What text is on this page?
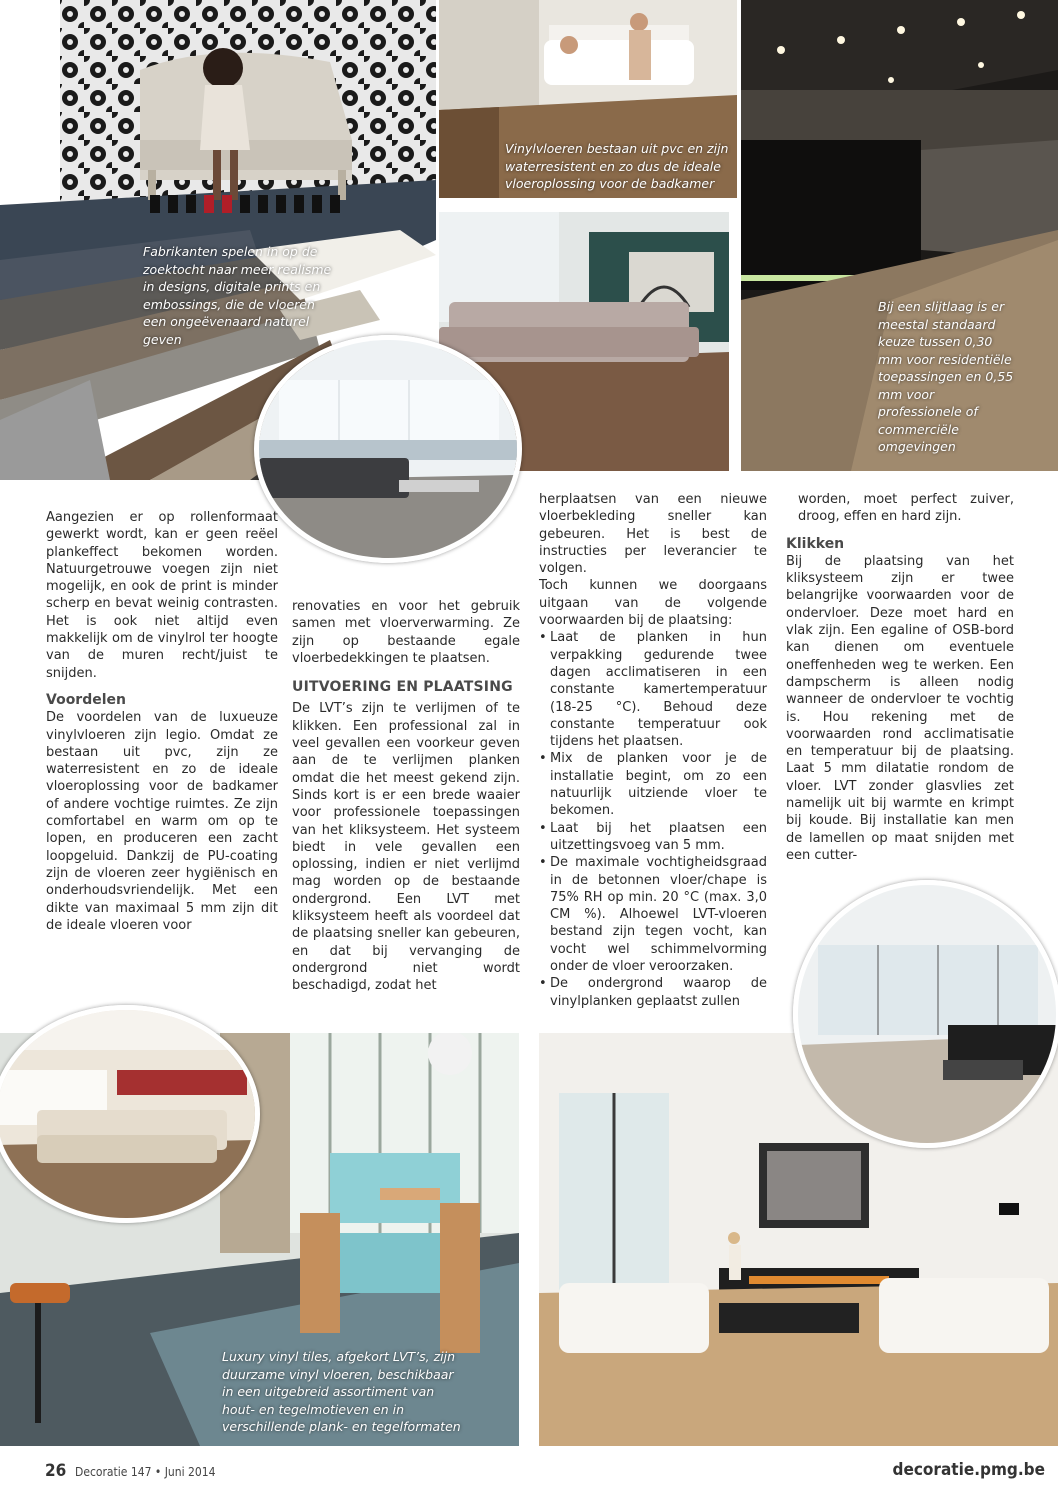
Fabrikanten spelen in op de zoektocht naar meer realisme in designs, digitale prints en embossings, die de vloeren een ongeëvenaard naturel geven
Vinylvloeren bestaan uit pvc en zijn waterresistent en zo dus de ideale vloeroplossing voor de badkamer
Bij een slijtlaag is er meestal standaard keuze tussen 0,30 mm voor residentiële toepassingen en 0,55 mm voor professionele of commerciële omgevingen

Aangezien er op rollenformaat gewerkt wordt, kan er geen reëel plankeffect bekomen worden. Natuurgetrouwe voegen zijn niet mogelijk, en ook de print is minder scherp en bevat weinig contrasten. Het is ook niet altijd even makkelijk om de vinylrol ter hoogte van de muren recht/juist te snijden.

Voordelen

De voordelen van de luxueuze vinylvloeren zijn legio. Omdat ze bestaan uit pvc, zijn ze waterresistent en zo de ideale vloeroplossing voor de badkamer of andere vochtige ruimtes. Ze zijn comfortabel en warm om op te lopen, en produceren een zacht loopgeluid. Dankzij de PU-coating zijn de vloeren zeer hygiënisch en onderhoudsvriendelijk. Met een dikte van maximaal 5 mm zijn dit de ideale vloeren voor

renovaties en voor het gebruik samen met vloerverwarming. Ze zijn op bestaande egale vloerbedekkingen te plaatsen.

UITVOERING EN PLAATSING

De LVT’s zijn te verlijmen of te klikken. Een professional zal in veel gevallen een voorkeur geven aan de te verlijmen planken omdat die het meest gekend zijn. Sinds kort is er een brede waaier voor professionele toepassingen van het kliksysteem. Het systeem biedt in vele gevallen een oplossing, indien er niet verlijmd mag worden op de bestaande ondergrond. Een LVT met kliksysteem heeft als voordeel dat de plaatsing sneller kan gebeuren, en dat bij vervanging de ondergrond niet wordt beschadigd, zodat het

herplaatsen van een nieuwe vloerbekleding sneller kan gebeuren. Het is best de instructies per leverancier te volgen.

Toch kunnen we doorgaans uitgaan van de volgende voorwaarden bij de plaatsing:

• Laat de planken in hun verpakking gedurende twee dagen acclimatiseren in een constante kamertemperatuur (18-25 °C). Behoud deze constante temperatuur ook tijdens het plaatsen.
• Mix de planken voor je de installatie begint, om zo een natuurlijk uitziende vloer te bekomen.
• Laat bij het plaatsen een uitzettingsvoeg van 5 mm.
• De maximale vochtigheidsgraad in de betonnen vloer/chape is 75% RH op min. 20 °C (max. 3,0 CM %). Alhoewel LVT-vloeren bestand zijn tegen vocht, kan vocht wel schimmelvorming onder de vloer veroorzaken.
• De ondergrond waarop de vinylplanken geplaatst zullen

worden, moet perfect zuiver, droog, effen en hard zijn.

Klikken

Bij de plaatsing van het kliksysteem zijn er twee belangrijke voorwaarden voor de ondervloer. Deze moet hard en vlak zijn. Een egaline of OSB-bord kan dienen om eventuele oneffenheden weg te werken. Een dampscherm is alleen nodig wanneer de ondervloer te vochtig is. Hou rekening met de voorwaarden rond acclimatisatie en temperatuur bij de plaatsing. Laat 5 mm dilatatie rondom de vloer. LVT zonder glasvlies zet namelijk uit bij warmte en krimpt bij koude. Bij installatie kan men de lamellen op maat snijden met een cutter-

Luxury vinyl tiles, afgekort LVT’s, zijn duurzame vinyl vloeren, beschikbaar in een uitgebreid assortiment van hout- en tegelmotieven en in verschillende plank- en tegelformaten
26 Decoratie 147 • Juni 2014	decoratie.pmg.be
